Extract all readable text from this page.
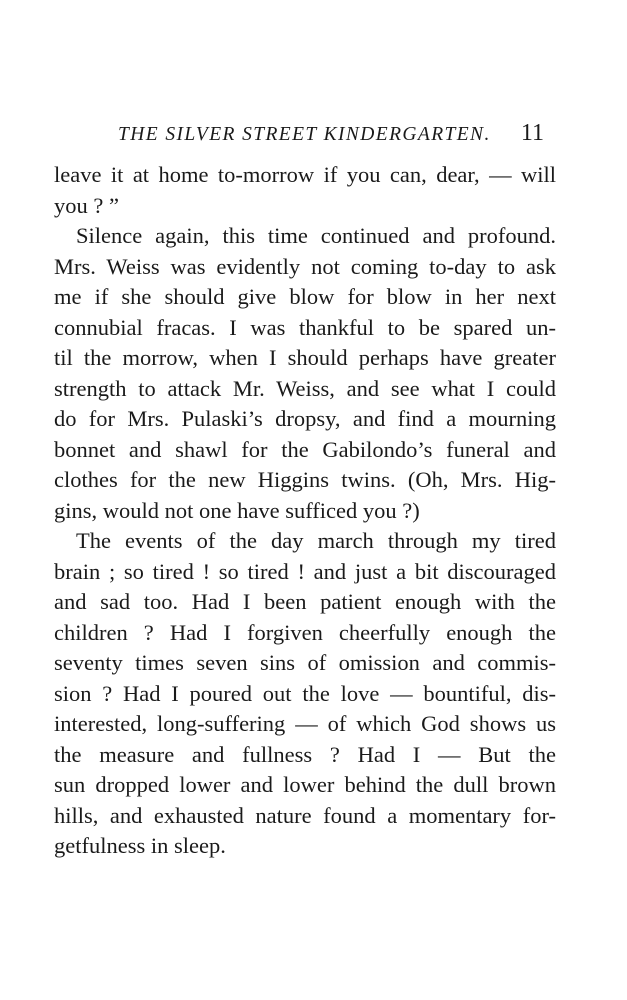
THE SILVER STREET KINDERGARTEN. 11
leave it at home to-morrow if you can, dear, — will
you ? ”
Silence again, this time continued and profound.
Mrs. Weiss was evidently not coming to-day to ask
me if she should give blow for blow in her next
connubial fracas. I was thankful to be spared un-
til the morrow, when I should perhaps have greater
strength to attack Mr. Weiss, and see what I could
do for Mrs. Pulaski’s dropsy, and find a mourning
bonnet and shawl for the Gabilondo’s funeral and
clothes for the new Higgins twins. (Oh, Mrs. Hig-
gins, would not one have sufficed you ?)
The events of the day march through my tired
brain ; so tired ! so tired ! and just a bit discouraged
and sad too. Had I been patient enough with the
children ? Had I forgiven cheerfully enough the
seventy times seven sins of omission and commis-
sion ? Had I poured out the love — bountiful, dis-
interested, long-suffering — of which God shows us
the measure and fullness ? Had I — But the
sun dropped lower and lower behind the dull brown
hills, and exhausted nature found a momentary for-
getfulness in sleep.
